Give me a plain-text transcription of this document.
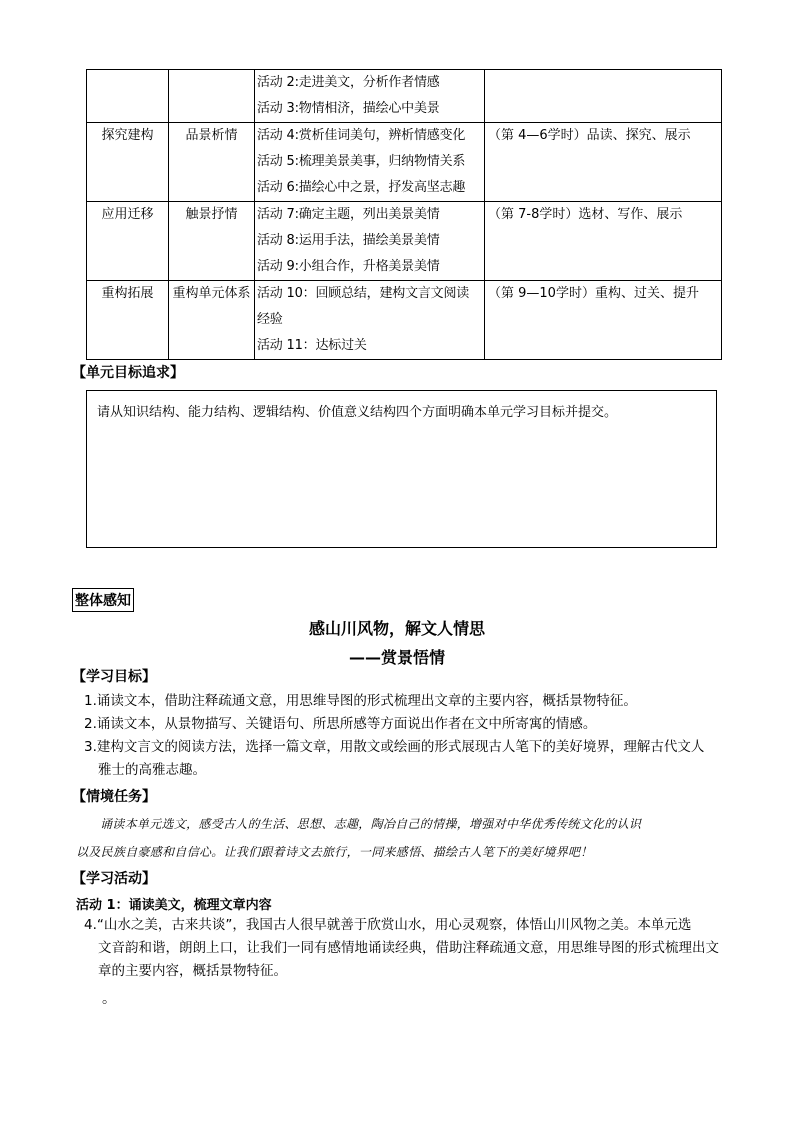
		活动 2:走进美文，分析作者情感
活动 3:物情相济，描绘心中美景	

探究建构	品景析情	活动 4:赏析佳词美句，辨析情感变化
活动 5:梳理美景美事，归纳物情关系
活动 6:描绘心中之景，抒发高坚志趣	（第 4—6学时）品读、探究、展示
应用迁移	触景抒情	活动 7:确定主题，列出美景美情
活动 8:运用手法，描绘美景美情
活动 9:小组合作，升格美景美情	（第 7-8学时）选材、写作、展示
重构拓展	重构单元体系	活动 10：回顾总结，建构文言文阅读
经验
活动 11：达标过关	（第 9—10学时）重构、过关、提升
【单元目标追求】

请从知识结构、能力结构、逻辑结构、价值意义结构四个方面明确本单元学习目标并提交。

整体感知
感山川风物，解文人情思
——赏景悟情
【学习目标】
1.诵读文本，借助注释疏通文意，用思维导图的形式梳理出文章的主要内容，概括景物特征。
2.诵读文本，从景物描写、关键语句、所思所感等方面说出作者在文中所寄寓的情感。
3.建构文言文的阅读方法，选择一篇文章，用散文或绘画的形式展现古人笔下的美好境界，理解古代文人
雅士的高雅志趣。
【情境任务】
诵读本单元选文，感受古人的生活、思想、志趣，陶冶自己的情操，增强对中华优秀传统文化的认识
以及民族自豪感和自信心。让我们跟着诗文去旅行，一同来感悟、描绘古人笔下的美好境界吧！
【学习活动】
活动 1：诵读美文，梳理文章内容
4.“山水之美，古来共谈”，我国古人很早就善于欣赏山水，用心灵观察，体悟山川风物之美。本单元选
文音韵和谐，朗朗上口，让我们一同有感情地诵读经典，借助注释疏通文意，用思维导图的形式梳理出文
章的主要内容，概括景物特征。
。
